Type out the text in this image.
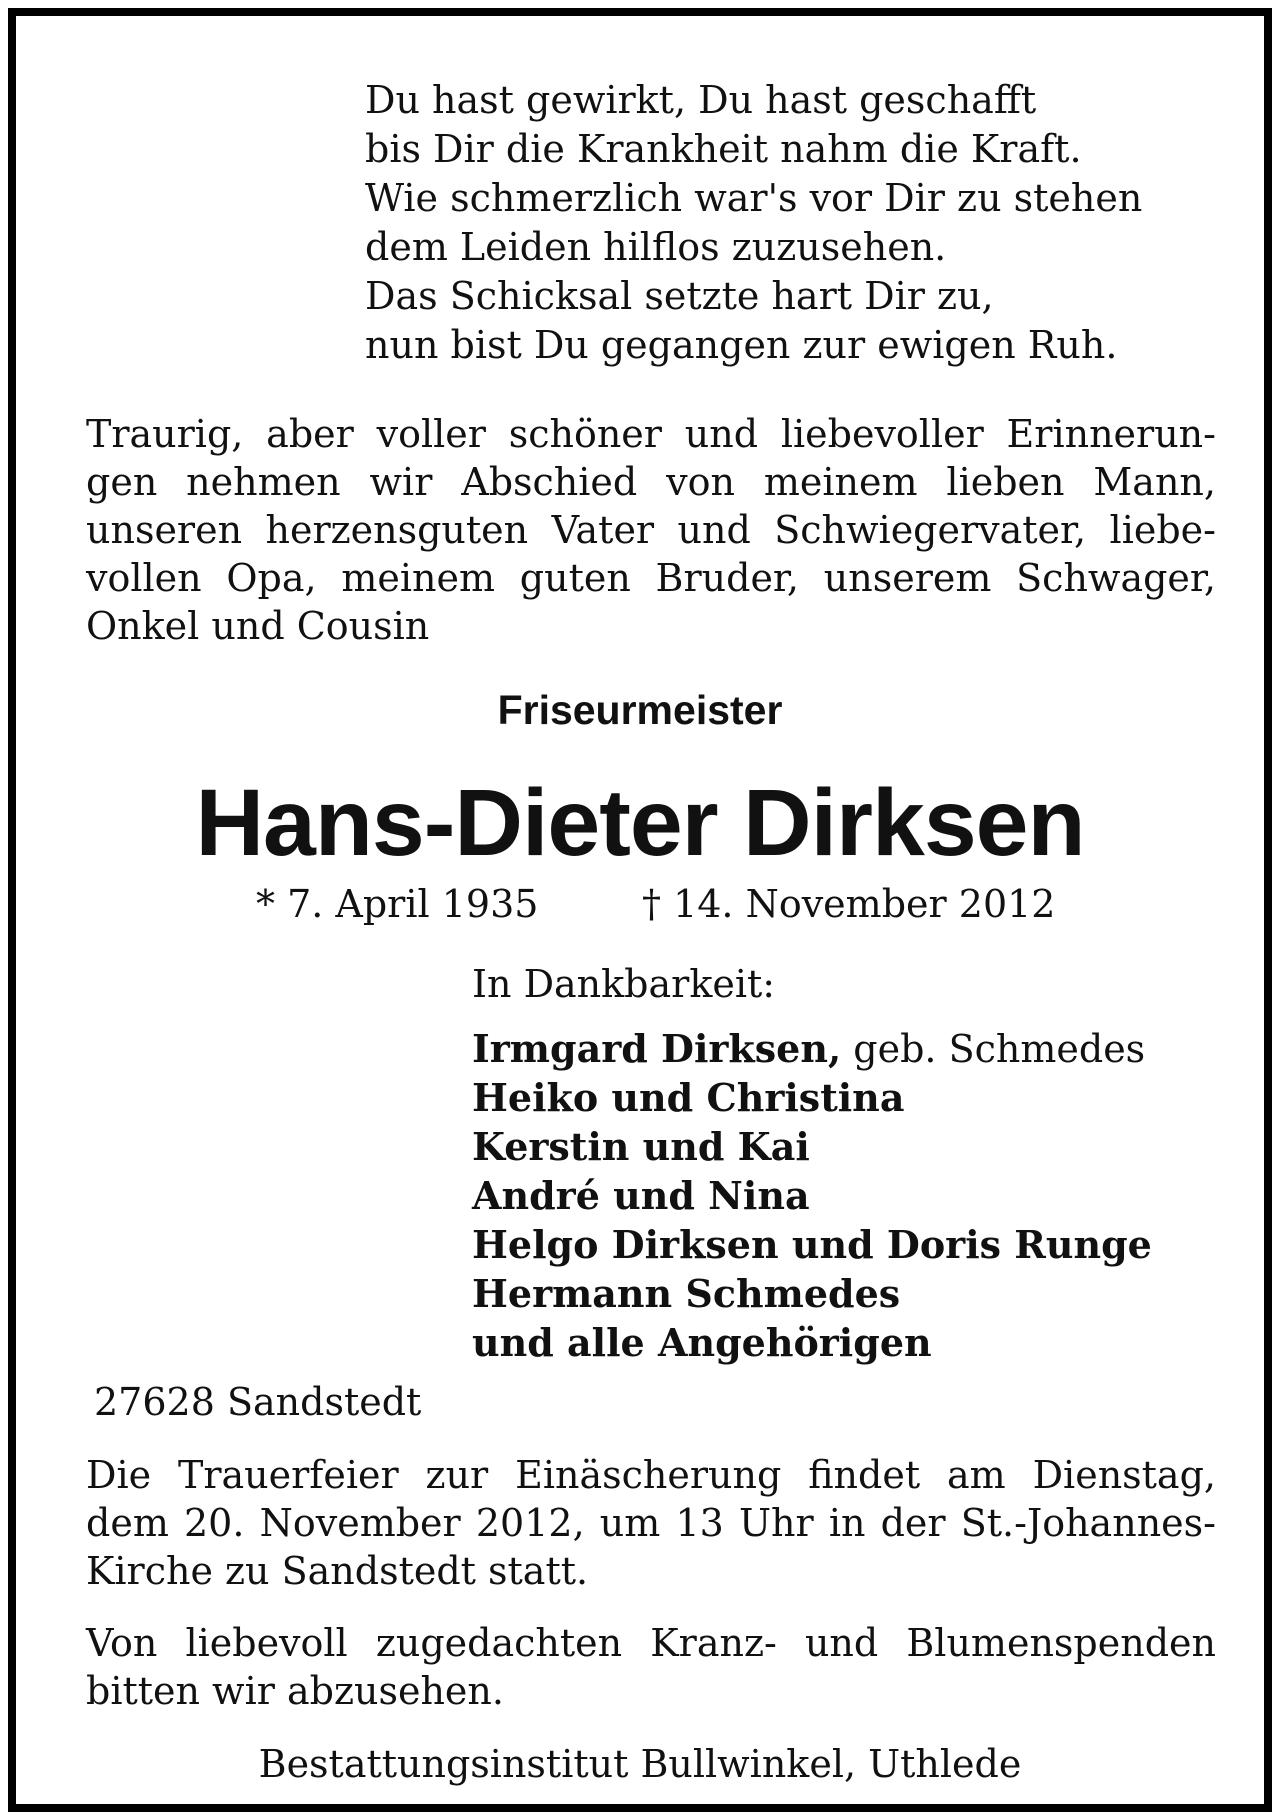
Du hast gewirkt, Du hast geschafft
bis Dir die Krankheit nahm die Kraft.
Wie schmerzlich war's vor Dir zu stehen
dem Leiden hilflos zuzusehen.
Das Schicksal setzte hart Dir zu,
nun bist Du gegangen zur ewigen Ruh.
Traurig, aber voller schöner und liebevoller Erinnerun-
gen nehmen wir Abschied von meinem lieben Mann,
unseren herzensguten Vater und Schwiegervater, liebe-
vollen Opa, meinem guten Bruder, unserem Schwager,
Onkel und Cousin
Friseurmeister
Hans-Dieter Dirksen
* 7. April 1935	† 14. November 2012
In Dankbarkeit:
Irmgard Dirksen, geb. Schmedes
Heiko und Christina
Kerstin und Kai
André und Nina
Helgo Dirksen und Doris Runge
Hermann Schmedes
und alle Angehörigen
27628 Sandstedt
Die Trauerfeier zur Einäscherung findet am Dienstag,
dem 20. November 2012, um 13 Uhr in der St.-Johannes-
Kirche zu Sandstedt statt.
Von liebevoll zugedachten Kranz- und Blumenspenden
bitten wir abzusehen.
Bestattungsinstitut Bullwinkel, Uthlede
